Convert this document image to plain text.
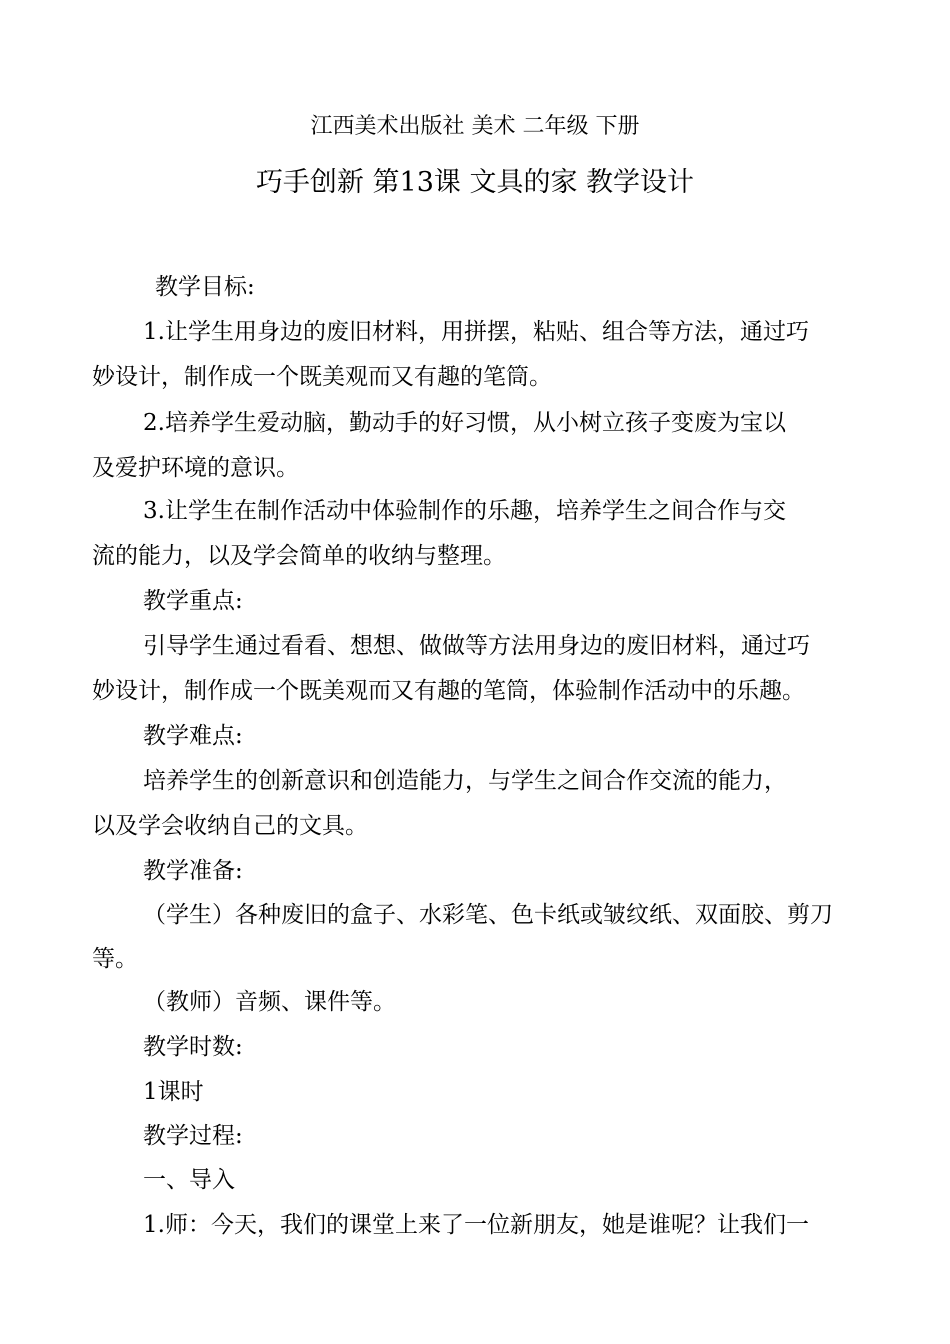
江西美术出版社 美术 二年级 下册
巧手创新 第13课 文具的家 教学设计
教学目标:
1.让学生用身边的废旧材料，用拼摆，粘贴、组合等方法，通过巧
妙设计，制作成一个既美观而又有趣的笔筒。
2.培养学生爱动脑，勤动手的好习惯，从小树立孩子变废为宝以
及爱护环境的意识。
3.让学生在制作活动中体验制作的乐趣，培养学生之间合作与交
流的能力，以及学会简单的收纳与整理。
教学重点:
引导学生通过看看、想想、做做等方法用身边的废旧材料，通过巧
妙设计，制作成一个既美观而又有趣的笔筒，体验制作活动中的乐趣。
教学难点:
培养学生的创新意识和创造能力，与学生之间合作交流的能力，
以及学会收纳自己的文具。
教学准备:
（学生）各种废旧的盒子、水彩笔、色卡纸或皱纹纸、双面胶、剪刀
等。
（教师）音频、课件等。
教学时数:
1课时
教学过程:
一、导入
1.师：今天，我们的课堂上来了一位新朋友，她是谁呢？让我们一
